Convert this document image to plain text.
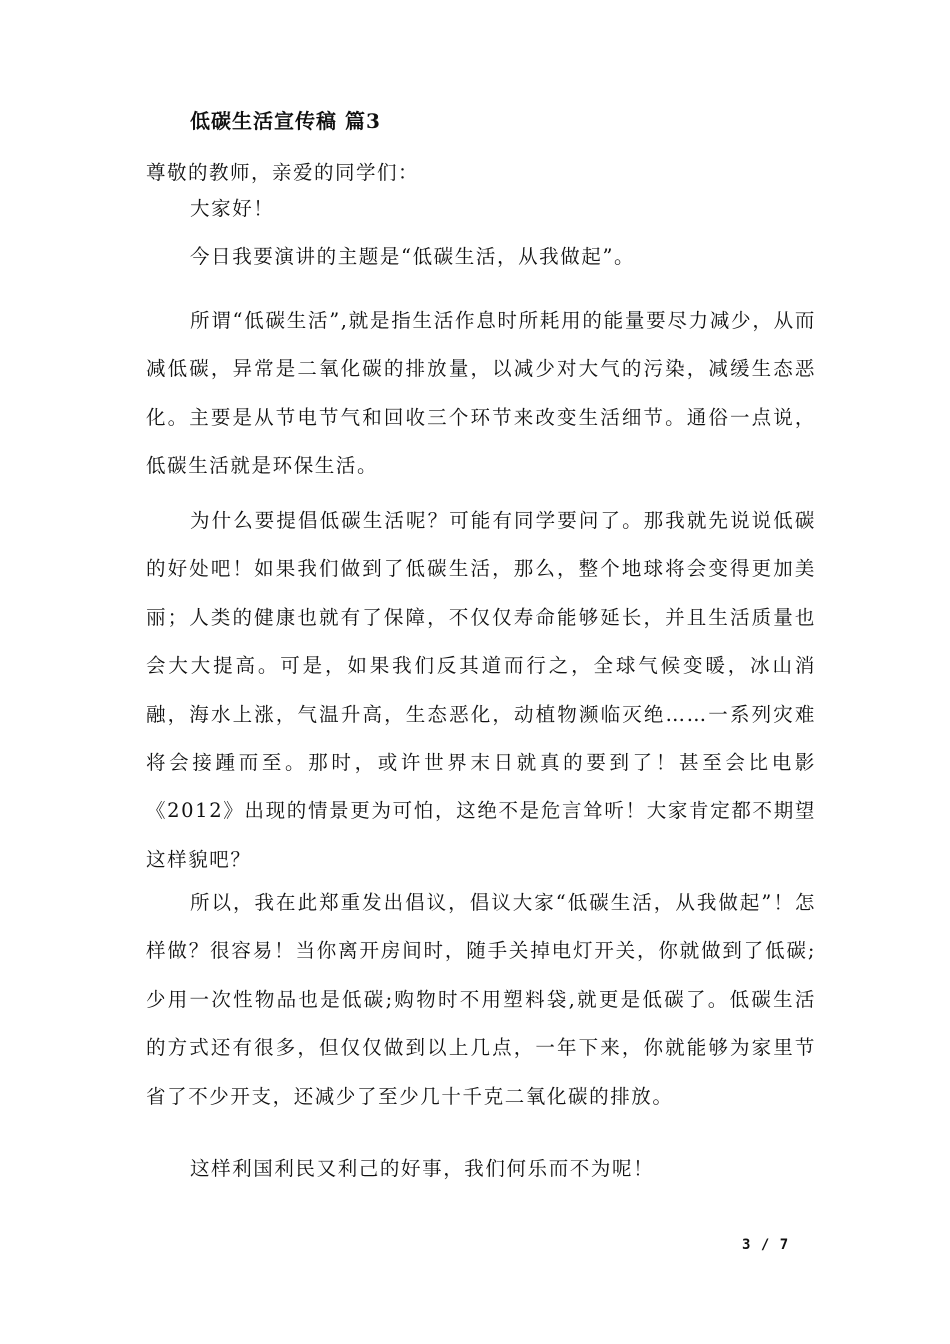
低碳生活宣传稿 篇3
尊敬的教师，亲爱的同学们：

大家好！

今日我要演讲的主题是“低碳生活，从我做起”。

所谓“低碳生活”,就是指生活作息时所耗用的能量要尽力减少，从而减低碳，异常是二氧化碳的排放量，以减少对大气的污染，减缓生态恶化。主要是从节电节气和回收三个环节来改变生活细节。通俗一点说，低碳生活就是环保生活。

为什么要提倡低碳生活呢？可能有同学要问了。那我就先说说低碳的好处吧！如果我们做到了低碳生活，那么，整个地球将会变得更加美丽；人类的健康也就有了保障，不仅仅寿命能够延长，并且生活质量也会大大提高。可是，如果我们反其道而行之，全球气候变暖，冰山消融，海水上涨，气温升高，生态恶化，动植物濒临灭绝……一系列灾难将会接踵而至。那时，或许世界末日就真的要到了！甚至会比电影《2012》出现的情景更为可怕，这绝不是危言耸听！大家肯定都不期望这样貌吧？

所以，我在此郑重发出倡议，倡议大家“低碳生活，从我做起”！怎样做？很容易！当你离开房间时，随手关掉电灯开关，你就做到了低碳;少用一次性物品也是低碳;购物时不用塑料袋,就更是低碳了。低碳生活的方式还有很多，但仅仅做到以上几点，一年下来，你就能够为家里节省了不少开支，还减少了至少几十千克二氧化碳的排放。

这样利国利民又利己的好事，我们何乐而不为呢！

3 / 7
